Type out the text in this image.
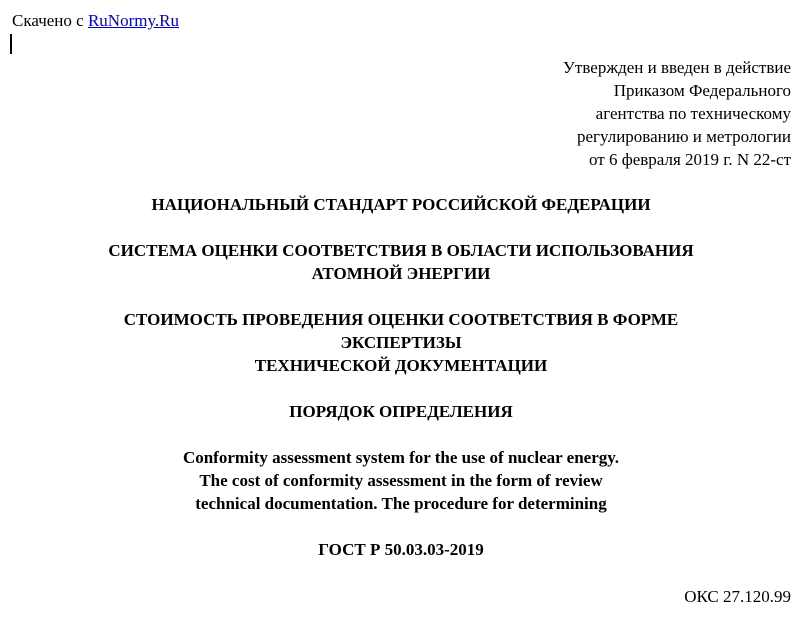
Скачено с RuNormy.Ru
Утвержден и введен в действие
Приказом Федерального
агентства по техническому
регулированию и метрологии
от 6 февраля 2019 г. N 22-ст
НАЦИОНАЛЬНЫЙ СТАНДАРТ РОССИЙСКОЙ ФЕДЕРАЦИИ
СИСТЕМА ОЦЕНКИ СООТВЕТСТВИЯ В ОБЛАСТИ ИСПОЛЬЗОВАНИЯ
АТОМНОЙ ЭНЕРГИИ
СТОИМОСТЬ ПРОВЕДЕНИЯ ОЦЕНКИ СООТВЕТСТВИЯ В ФОРМЕ
ЭКСПЕРТИЗЫ
ТЕХНИЧЕСКОЙ ДОКУМЕНТАЦИИ
ПОРЯДОК ОПРЕДЕЛЕНИЯ
Conformity assessment system for the use of nuclear energy.
The cost of conformity assessment in the form of review
technical documentation. The procedure for determining
ГОСТ Р 50.03.03-2019
ОКС 27.120.99
